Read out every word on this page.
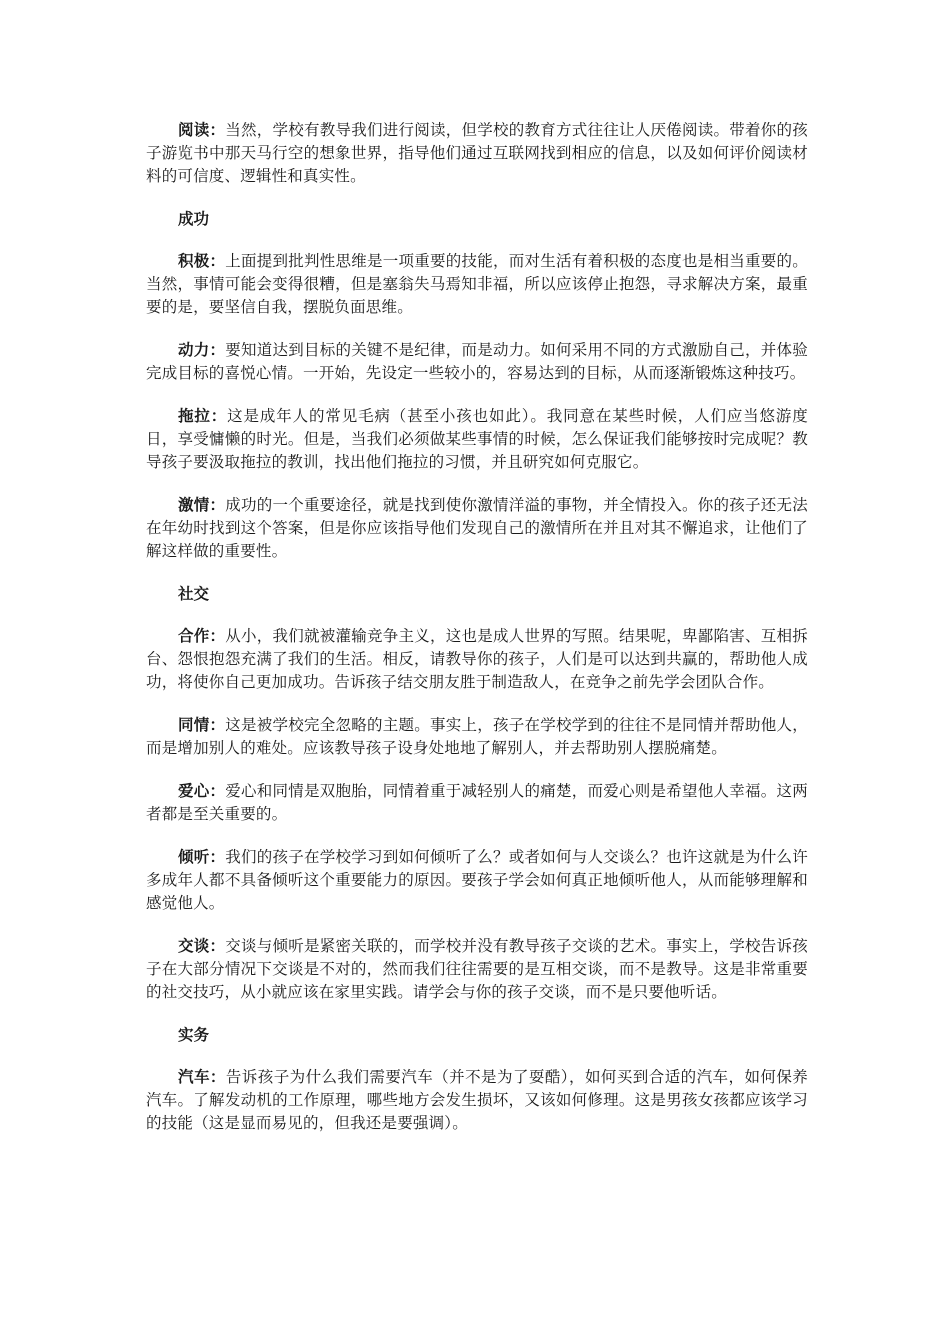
阅读：当然，学校有教导我们进行阅读，但学校的教育方式往往让人厌倦阅读。带着你的孩子游览书中那天马行空的想象世界，指导他们通过互联网找到相应的信息，以及如何评价阅读材料的可信度、逻辑性和真实性。

成功

积极：上面提到批判性思维是一项重要的技能，而对生活有着积极的态度也是相当重要的。当然，事情可能会变得很糟，但是塞翁失马焉知非福，所以应该停止抱怨，寻求解决方案，最重要的是，要坚信自我，摆脱负面思维。

动力：要知道达到目标的关键不是纪律，而是动力。如何采用不同的方式激励自己，并体验完成目标的喜悦心情。一开始，先设定一些较小的，容易达到的目标，从而逐渐锻炼这种技巧。

拖拉：这是成年人的常见毛病（甚至小孩也如此）。我同意在某些时候，人们应当悠游度日，享受慵懒的时光。但是，当我们必须做某些事情的时候，怎么保证我们能够按时完成呢？教导孩子要汲取拖拉的教训，找出他们拖拉的习惯，并且研究如何克服它。

激情：成功的一个重要途径，就是找到使你激情洋溢的事物，并全情投入。你的孩子还无法在年幼时找到这个答案，但是你应该指导他们发现自己的激情所在并且对其不懈追求，让他们了解这样做的重要性。

社交

合作：从小，我们就被灌输竞争主义，这也是成人世界的写照。结果呢，卑鄙陷害、互相拆台、怨恨抱怨充满了我们的生活。相反，请教导你的孩子，人们是可以达到共赢的，帮助他人成功，将使你自己更加成功。告诉孩子结交朋友胜于制造敌人，在竞争之前先学会团队合作。

同情：这是被学校完全忽略的主题。事实上，孩子在学校学到的往往不是同情并帮助他人，而是增加别人的难处。应该教导孩子设身处地地了解别人，并去帮助别人摆脱痛楚。

爱心：爱心和同情是双胞胎，同情着重于减轻别人的痛楚，而爱心则是希望他人幸福。这两者都是至关重要的。

倾听：我们的孩子在学校学习到如何倾听了么？或者如何与人交谈么？也许这就是为什么许多成年人都不具备倾听这个重要能力的原因。要孩子学会如何真正地倾听他人，从而能够理解和感觉他人。

交谈：交谈与倾听是紧密关联的，而学校并没有教导孩子交谈的艺术。事实上，学校告诉孩子在大部分情况下交谈是不对的，然而我们往往需要的是互相交谈，而不是教导。这是非常重要的社交技巧，从小就应该在家里实践。请学会与你的孩子交谈，而不是只要他听话。

实务

汽车：告诉孩子为什么我们需要汽车（并不是为了耍酷），如何买到合适的汽车，如何保养汽车。了解发动机的工作原理，哪些地方会发生损坏，又该如何修理。这是男孩女孩都应该学习的技能（这是显而易见的，但我还是要强调）。
